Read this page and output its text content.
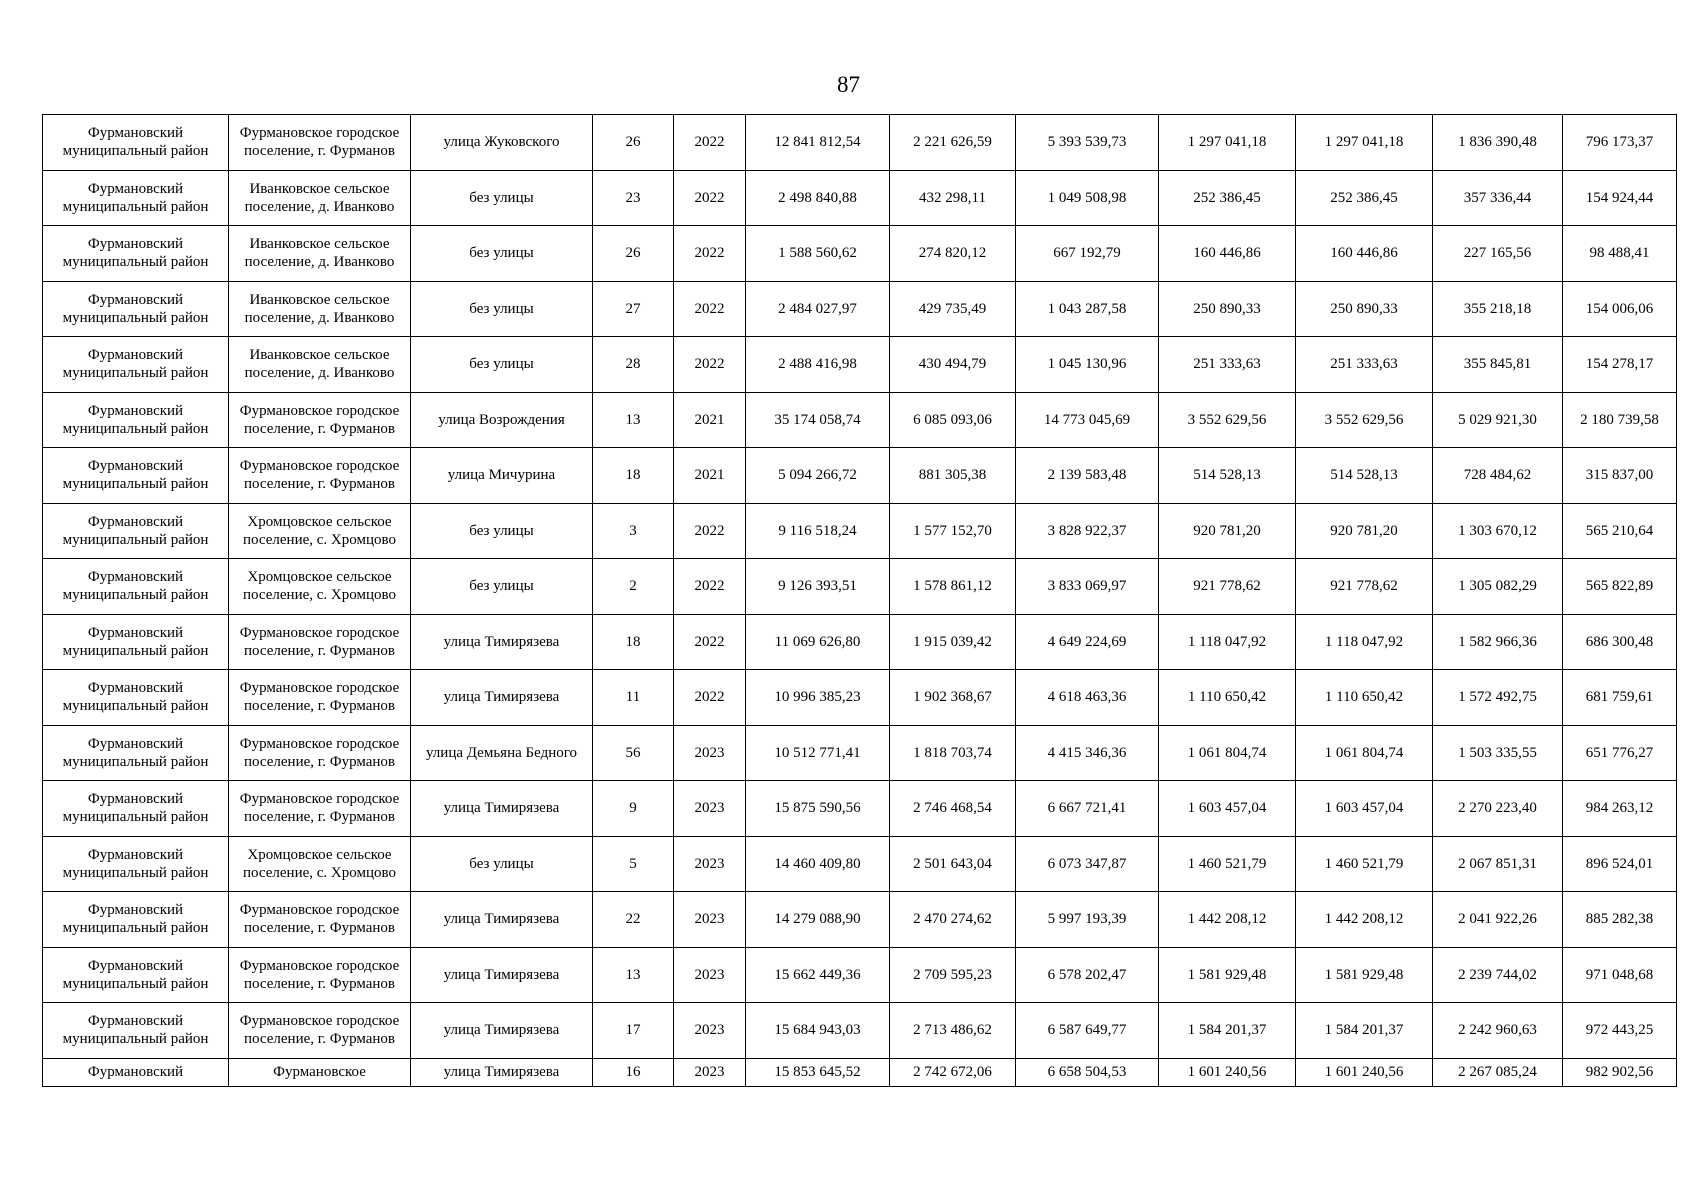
87
Фурмановский муниципальный район	Фурмановское городское поселение, г. Фурманов	улица Жуковского	26	2022	12 841 812,54	2 221 626,59	5 393 539,73	1 297 041,18	1 297 041,18	1 836 390,48	796 173,37
Фурмановский муниципальный район	Иванковское сельское поселение, д. Иванково	без улицы	23	2022	2 498 840,88	432 298,11	1 049 508,98	252 386,45	252 386,45	357 336,44	154 924,44
Фурмановский муниципальный район	Иванковское сельское поселение, д. Иванково	без улицы	26	2022	1 588 560,62	274 820,12	667 192,79	160 446,86	160 446,86	227 165,56	98 488,41
Фурмановский муниципальный район	Иванковское сельское поселение, д. Иванково	без улицы	27	2022	2 484 027,97	429 735,49	1 043 287,58	250 890,33	250 890,33	355 218,18	154 006,06
Фурмановский муниципальный район	Иванковское сельское поселение, д. Иванково	без улицы	28	2022	2 488 416,98	430 494,79	1 045 130,96	251 333,63	251 333,63	355 845,81	154 278,17
Фурмановский муниципальный район	Фурмановское городское поселение, г. Фурманов	улица Возрождения	13	2021	35 174 058,74	6 085 093,06	14 773 045,69	3 552 629,56	3 552 629,56	5 029 921,30	2 180 739,58
Фурмановский муниципальный район	Фурмановское городское поселение, г. Фурманов	улица Мичурина	18	2021	5 094 266,72	881 305,38	2 139 583,48	514 528,13	514 528,13	728 484,62	315 837,00
Фурмановский муниципальный район	Хромцовское сельское поселение, с. Хромцово	без улицы	3	2022	9 116 518,24	1 577 152,70	3 828 922,37	920 781,20	920 781,20	1 303 670,12	565 210,64
Фурмановский муниципальный район	Хромцовское сельское поселение, с. Хромцово	без улицы	2	2022	9 126 393,51	1 578 861,12	3 833 069,97	921 778,62	921 778,62	1 305 082,29	565 822,89
Фурмановский муниципальный район	Фурмановское городское поселение, г. Фурманов	улица Тимирязева	18	2022	11 069 626,80	1 915 039,42	4 649 224,69	1 118 047,92	1 118 047,92	1 582 966,36	686 300,48
Фурмановский муниципальный район	Фурмановское городское поселение, г. Фурманов	улица Тимирязева	11	2022	10 996 385,23	1 902 368,67	4 618 463,36	1 110 650,42	1 110 650,42	1 572 492,75	681 759,61
Фурмановский муниципальный район	Фурмановское городское поселение, г. Фурманов	улица Демьяна Бедного	56	2023	10 512 771,41	1 818 703,74	4 415 346,36	1 061 804,74	1 061 804,74	1 503 335,55	651 776,27
Фурмановский муниципальный район	Фурмановское городское поселение, г. Фурманов	улица Тимирязева	9	2023	15 875 590,56	2 746 468,54	6 667 721,41	1 603 457,04	1 603 457,04	2 270 223,40	984 263,12
Фурмановский муниципальный район	Хромцовское сельское поселение, с. Хромцово	без улицы	5	2023	14 460 409,80	2 501 643,04	6 073 347,87	1 460 521,79	1 460 521,79	2 067 851,31	896 524,01
Фурмановский муниципальный район	Фурмановское городское поселение, г. Фурманов	улица Тимирязева	22	2023	14 279 088,90	2 470 274,62	5 997 193,39	1 442 208,12	1 442 208,12	2 041 922,26	885 282,38
Фурмановский муниципальный район	Фурмановское городское поселение, г. Фурманов	улица Тимирязева	13	2023	15 662 449,36	2 709 595,23	6 578 202,47	1 581 929,48	1 581 929,48	2 239 744,02	971 048,68
Фурмановский муниципальный район	Фурмановское городское поселение, г. Фурманов	улица Тимирязева	17	2023	15 684 943,03	2 713 486,62	6 587 649,77	1 584 201,37	1 584 201,37	2 242 960,63	972 443,25
Фурмановский	Фурмановское	улица Тимирязева	16	2023	15 853 645,52	2 742 672,06	6 658 504,53	1 601 240,56	1 601 240,56	2 267 085,24	982 902,56
